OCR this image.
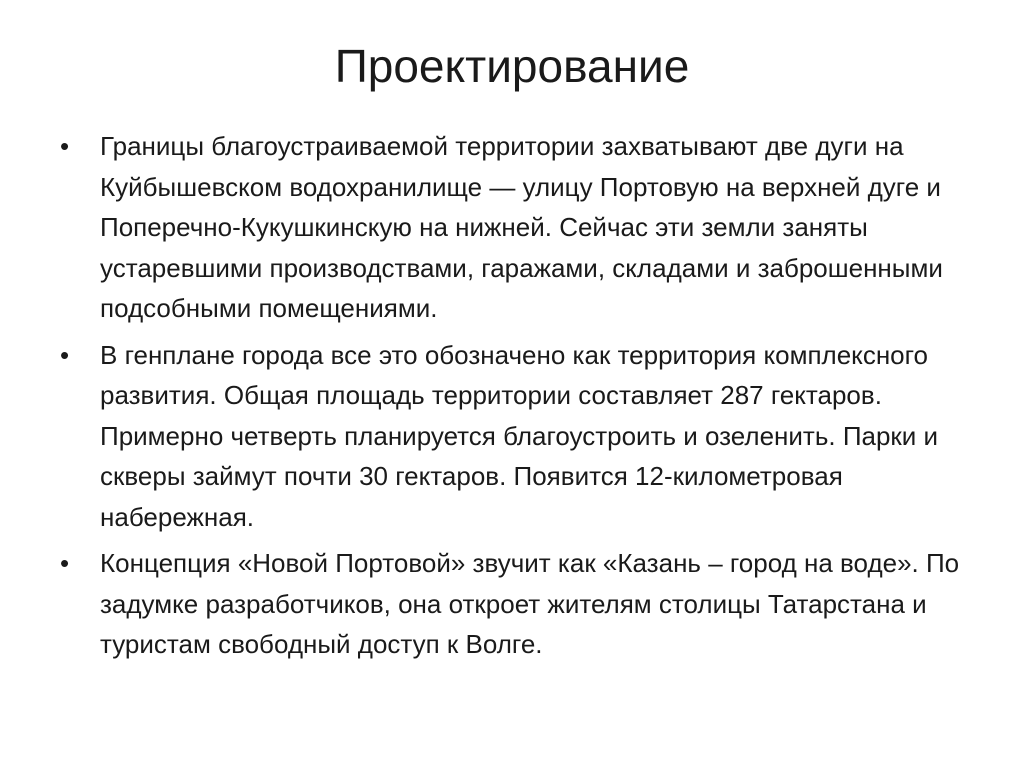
Проектирование
•	Границы благоустраиваемой территории захватывают две дуги на Куйбышевском водохранилище — улицу Портовую на верхней дуге и Поперечно-Кукушкинскую на нижней. Сейчас эти земли заняты устаревшими производствами, гаражами, складами и заброшенными подсобными помещениями.
•	В генплане города все это обозначено как территория комплексного развития. Общая площадь территории составляет 287 гектаров. Примерно четверть планируется благоустроить и озеленить. Парки и скверы займут почти 30 гектаров. Появится 12-километровая набережная.
•	Концепция «Новой Портовой» звучит как «Казань – город на воде». По задумке разработчиков, она откроет жителям столицы Татарстана и туристам свободный доступ к Волге.
